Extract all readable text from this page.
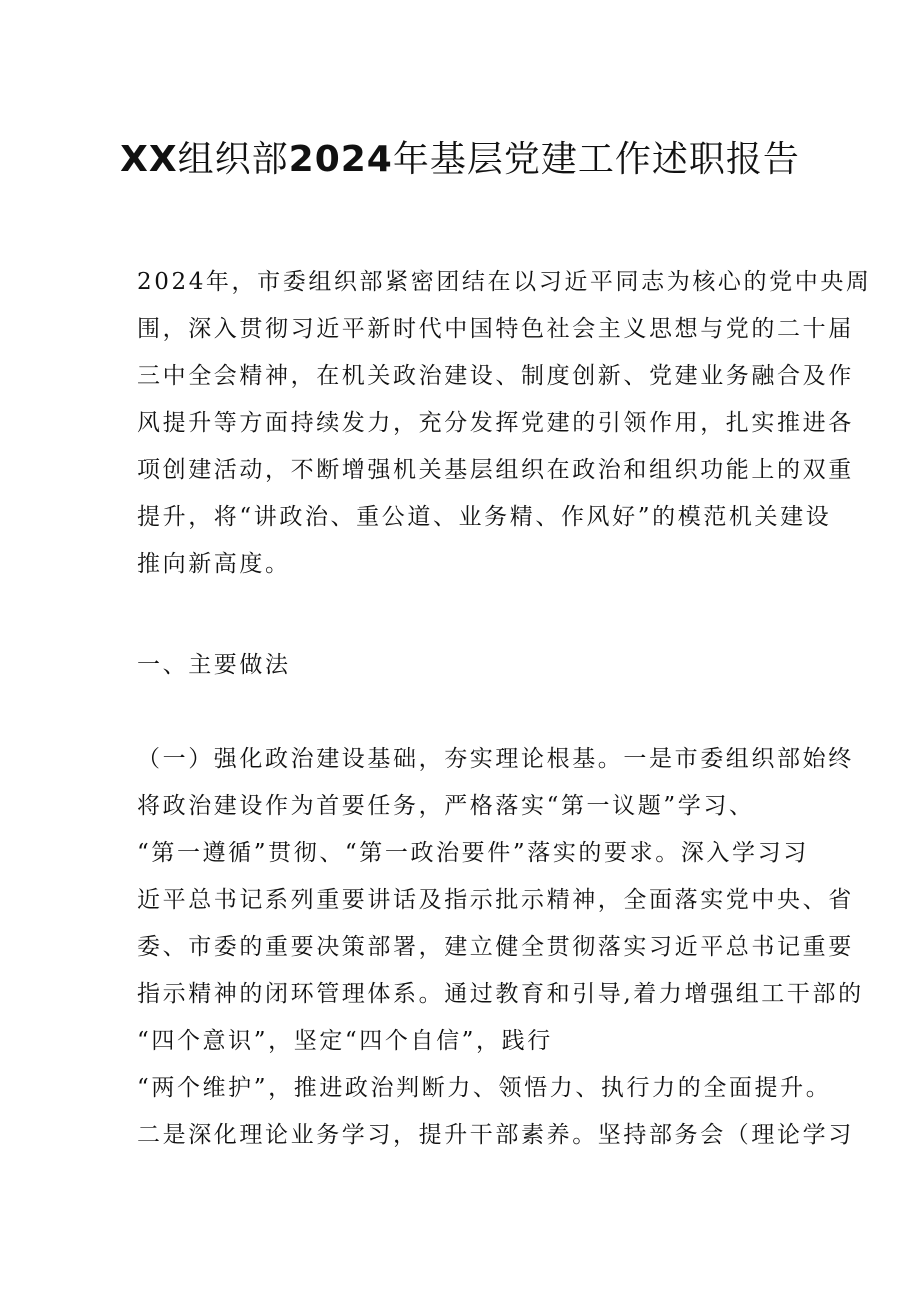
XX组织部2024年基层党建工作述职报告
2024年，市委组织部紧密团结在以习近平同志为核心的党中央周
围，深入贯彻习近平新时代中国特色社会主义思想与党的二十届
三中全会精神，在机关政治建设、制度创新、党建业务融合及作
风提升等方面持续发力，充分发挥党建的引领作用，扎实推进各
项创建活动，不断增强机关基层组织在政治和组织功能上的双重
提升，将“讲政治、重公道、业务精、作风好”的模范机关建设
推向新高度。
一、主要做法
（一）强化政治建设基础，夯实理论根基。一是市委组织部始终
将政治建设作为首要任务，严格落实“第一议题”学习、
“第一遵循”贯彻、“第一政治要件”落实的要求。深入学习习
近平总书记系列重要讲话及指示批示精神，全面落实党中央、省
委、市委的重要决策部署，建立健全贯彻落实习近平总书记重要
指示精神的闭环管理体系。通过教育和引导,着力增强组工干部的
“四个意识”，坚定“四个自信”，践行
“两个维护”，推进政治判断力、领悟力、执行力的全面提升。
二是深化理论业务学习，提升干部素养。坚持部务会（理论学习
